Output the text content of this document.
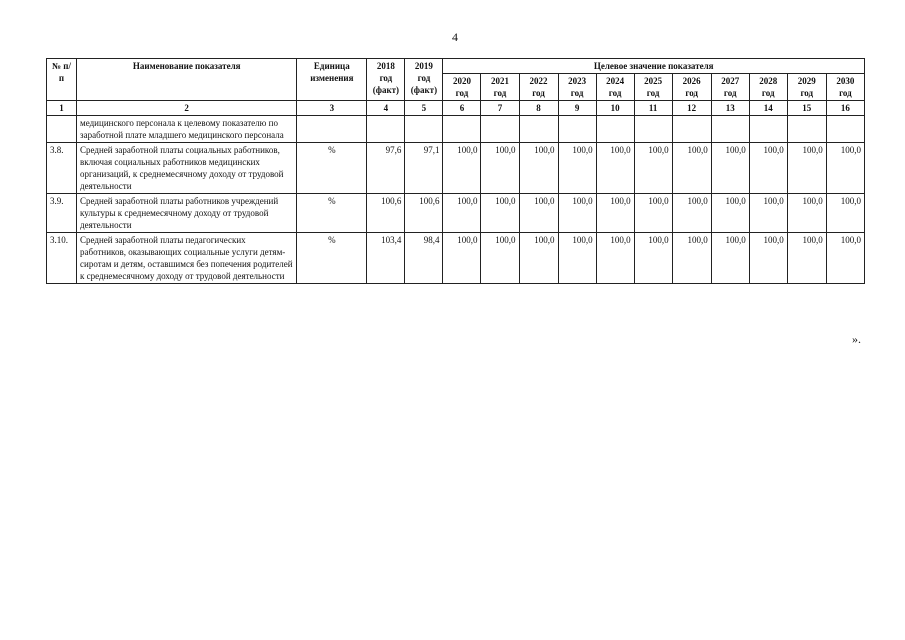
4
№ п/п	Наименование показателя	Единица изменения	2018 год (факт)	2019 год (факт)	Целевое значение показателя										
					2020 год	2021 год	2022 год	2023 год	2024 год	2025 год	2026 год	2027 год	2028 год	2029 год	2030 год
1	2	3	4	5	6	7	8	9	10	11	12	13	14	15	16
	медицинского персонала к целевому показателю по заработной плате младшего медицинского персонала														
3.8.	Средней заработной платы социальных работников, включая социальных работников медицинских организаций, к среднемесячному доходу от трудовой деятельности	%	97,6	97,1	100,0	100,0	100,0	100,0	100,0	100,0	100,0	100,0	100,0	100,0	100,0
3.9.	Средней заработной платы работников учреждений культуры к среднемесячному доходу от трудовой деятельности	%	100,6	100,6	100,0	100,0	100,0	100,0	100,0	100,0	100,0	100,0	100,0	100,0	100,0
3.10.	Средней заработной платы педагогических работников, оказывающих социальные услуги детям-сиротам и детям, оставшимся без попечения родителей к среднемесячному доходу от трудовой деятельности	%	103,4	98,4	100,0	100,0	100,0	100,0	100,0	100,0	100,0	100,0	100,0	100,0	100,0
».
